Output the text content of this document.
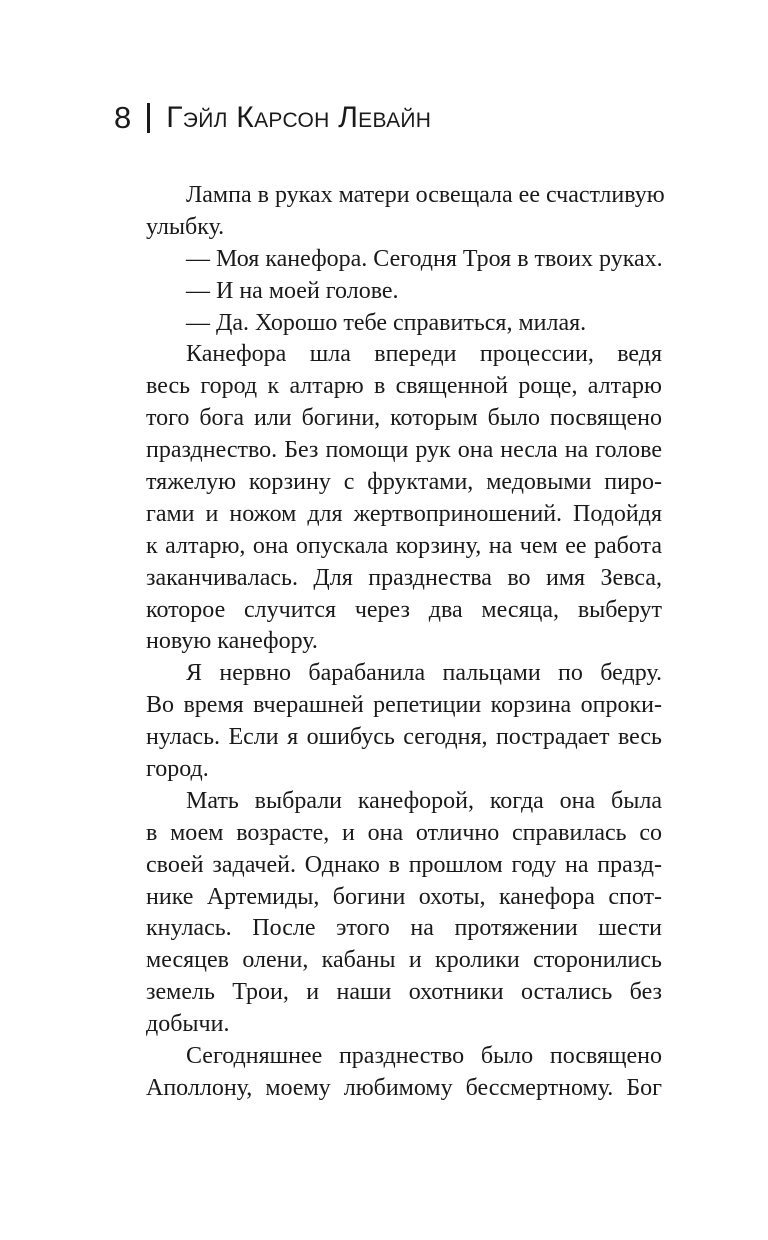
8 Гэйл Карсон Левайн
Лампа в руках матери освещала ее счастливую
улыбку.
— Моя канефора. Сегодня Троя в твоих руках.
— И на моей голове.
— Да. Хорошо тебе справиться, милая.
Канефора шла впереди процессии, ведя
весь город к алтарю в священной роще, алтарю
того бога или богини, которым было посвящено
празднество. Без помощи рук она несла на голове
тяжелую корзину с фруктами, медовыми пиро-
гами и ножом для жертвоприношений. Подойдя
к алтарю, она опускала корзину, на чем ее работа
заканчивалась. Для празднества во имя Зевса,
которое случится через два месяца, выберут
новую канефору.
Я нервно барабанила пальцами по бедру.
Во время вчерашней репетиции корзина опроки-
нулась. Если я ошибусь сегодня, пострадает весь
город.
Мать выбрали канефорой, когда она была
в моем возрасте, и она отлично справилась со
своей задачей. Однако в прошлом году на празд-
нике Артемиды, богини охоты, канефора спот-
кнулась. После этого на протяжении шести
месяцев олени, кабаны и кролики сторонились
земель Трои, и наши охотники остались без
добычи.
Сегодняшнее празднество было посвящено
Аполлону, моему любимому бессмертному. Бог
